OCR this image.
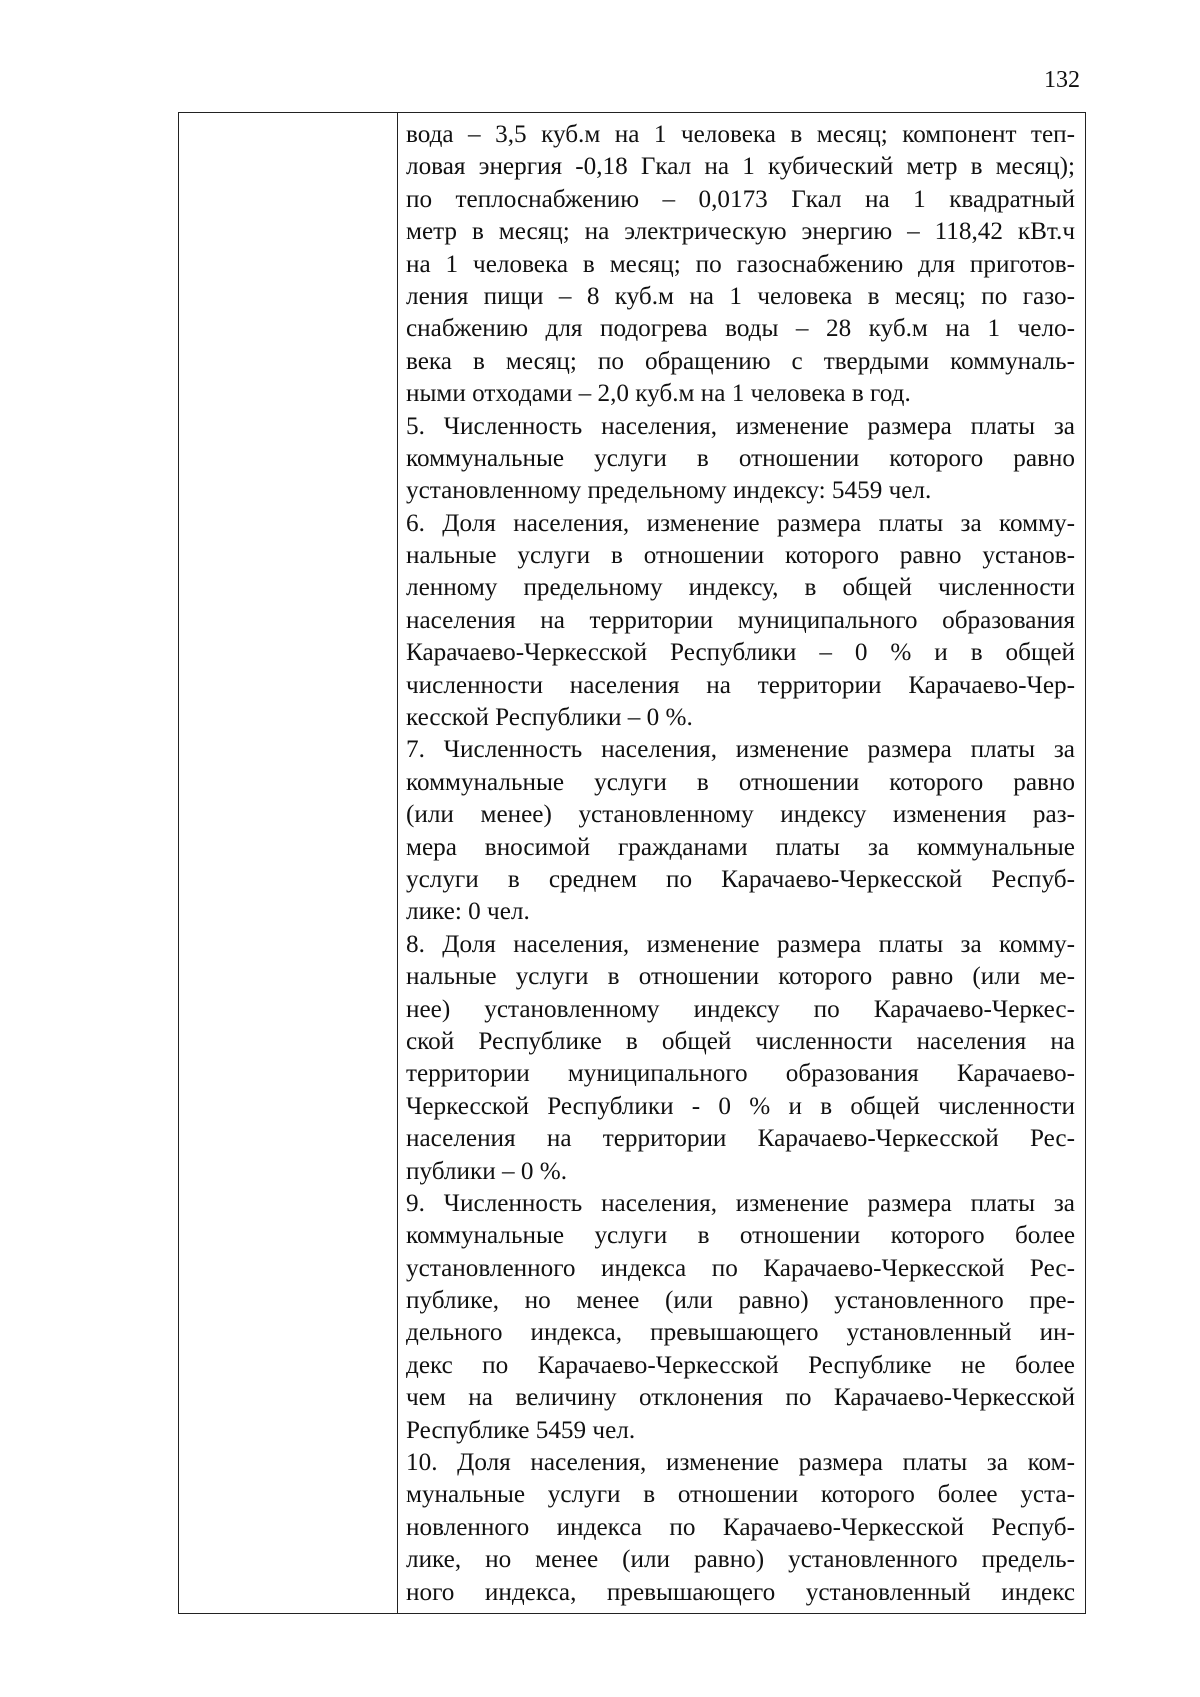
132
вода – 3,5 куб.м на 1 человека в месяц; компонент теп-
ловая энергия -0,18 Гкал на 1 кубический метр в месяц);
по теплоснабжению – 0,0173 Гкал на 1 квадратный
метр в месяц; на электрическую энергию – 118,42 кВт.ч
на 1 человека в месяц; по газоснабжению для приготов-
ления пищи – 8 куб.м на 1 человека в месяц; по газо-
снабжению для подогрева воды – 28 куб.м на 1 чело-
века в месяц; по обращению с твердыми коммуналь-
ными отходами – 2,0 куб.м на 1 человека в год.
5. Численность населения, изменение размера платы за
коммунальные услуги в отношении которого равно
установленному предельному индексу: 5459 чел.
6. Доля населения, изменение размера платы за комму-
нальные услуги в отношении которого равно установ-
ленному предельному индексу, в общей численности
населения на территории муниципального образования
Карачаево-Черкесской Республики – 0 % и в общей
численности населения на территории Карачаево-Чер-
кесской Республики – 0 %.
7. Численность населения, изменение размера платы за
коммунальные услуги в отношении которого равно
(или менее) установленному индексу изменения раз-
мера вносимой гражданами платы за коммунальные
услуги в среднем по Карачаево-Черкесской Респуб-
лике: 0 чел.
8. Доля населения, изменение размера платы за комму-
нальные услуги в отношении которого равно (или ме-
нее) установленному индексу по Карачаево-Черкес-
ской Республике в общей численности населения на
территории муниципального образования Карачаево-
Черкесской Республики - 0 % и в общей численности
населения на территории Карачаево-Черкесской Рес-
публики – 0 %.
9. Численность населения, изменение размера платы за
коммунальные услуги в отношении которого более
установленного индекса по Карачаево-Черкесской Рес-
публике, но менее (или равно) установленного пре-
дельного индекса, превышающего установленный ин-
декс по Карачаево-Черкесской Республике не более
чем на величину отклонения по Карачаево-Черкесской
Республике 5459 чел.
10. Доля населения, изменение размера платы за ком-
мунальные услуги в отношении которого более уста-
новленного индекса по Карачаево-Черкесской Респуб-
лике, но менее (или равно) установленного предель-
ного индекса, превышающего установленный индекс
